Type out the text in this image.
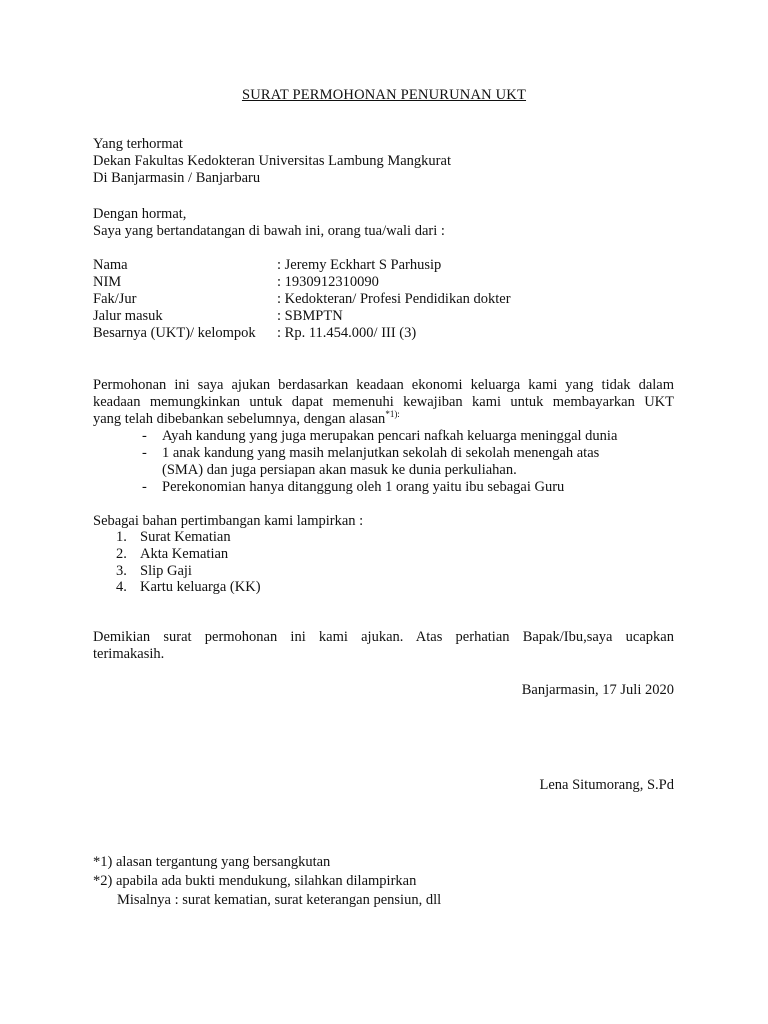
SURAT PERMOHONAN PENURUNAN UKT
Yang terhormat
Dekan Fakultas Kedokteran Universitas Lambung Mangkurat
Di Banjarmasin / Banjarbaru
Dengan hormat,
Saya yang bertandatangan di bawah ini, orang tua/wali dari :
Nama	: Jeremy Eckhart S Parhusip
NIM	: 1930912310090
Fak/Jur	: Kedokteran/ Profesi Pendidikan dokter
Jalur masuk	: SBMPTN
Besarnya (UKT)/ kelompok : Rp. 11.454.000/ III (3)
Permohonan ini saya ajukan berdasarkan keadaan ekonomi keluarga kami yang tidak dalam
keadaan memungkinkan untuk dapat memenuhi kewajiban kami untuk membayarkan UKT
yang telah dibebankan sebelumnya, dengan alasan$^{*1):}$
- Ayah kandung yang juga merupakan pencari nafkah keluarga meninggal dunia
- 1 anak kandung yang masih melanjutkan sekolah di sekolah menengah atas
(SMA) dan juga persiapan akan masuk ke dunia perkuliahan.
- Perekonomian hanya ditanggung oleh 1 orang yaitu ibu sebagai Guru
Sebagai bahan pertimbangan kami lampirkan :
1. Surat Kematian
2. Akta Kematian
3. Slip Gaji
4. Kartu keluarga (KK)
Demikian surat permohonan ini kami ajukan. Atas perhatian Bapak/Ibu,saya ucapkan
terimakasih.
Banjarmasin, 17 Juli 2020
Lena Situmorang, S.Pd
*1) alasan tergantung yang bersangkutan
*2) apabila ada bukti mendukung, silahkan dilampirkan
Misalnya : surat kematian, surat keterangan pensiun, dll
